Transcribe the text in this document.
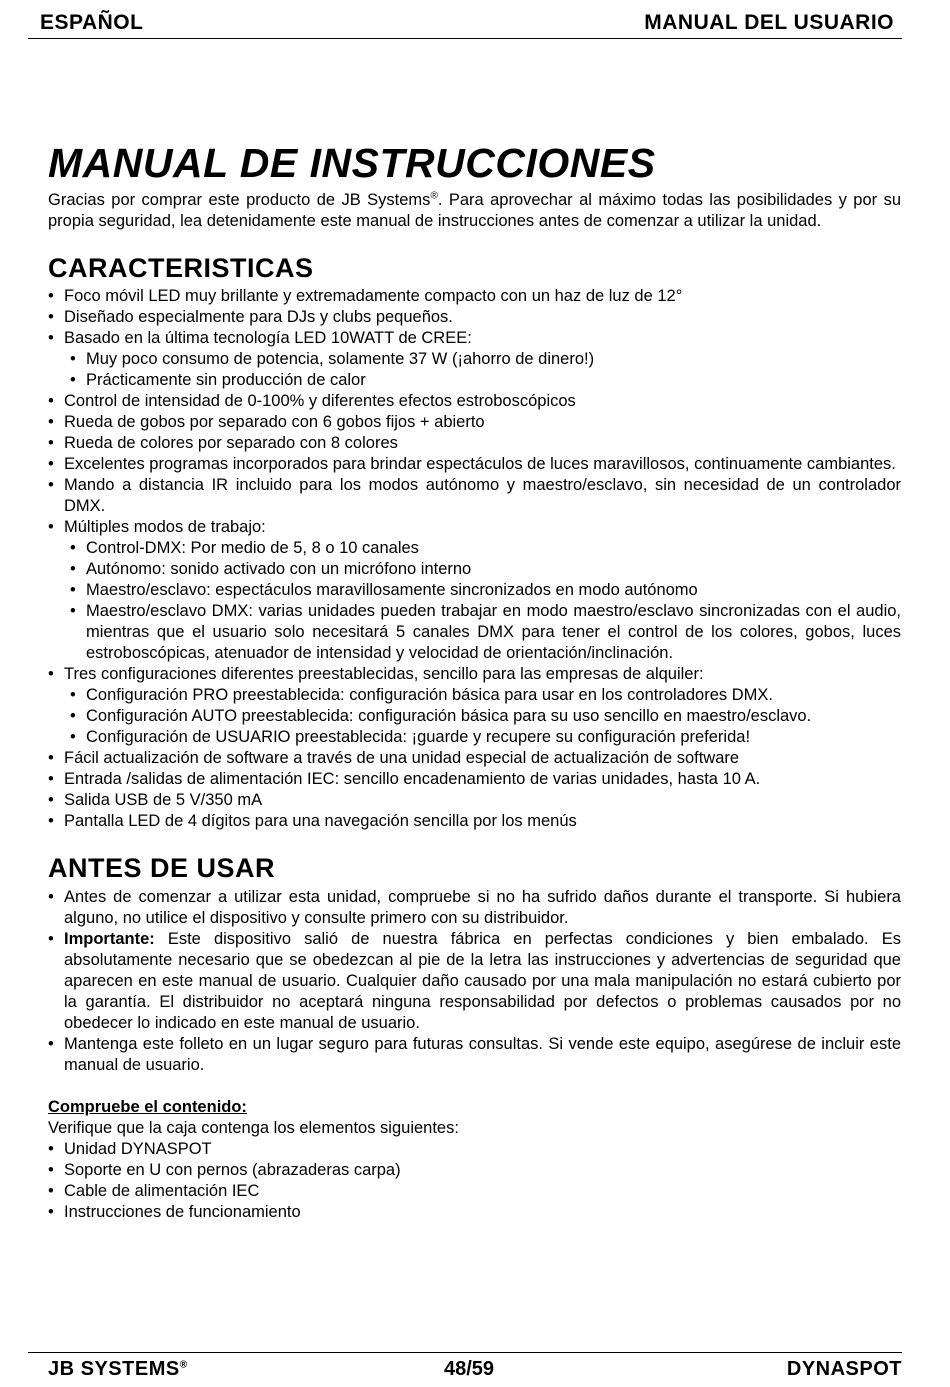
ESPAÑOL	MANUAL DEL USUARIO
MANUAL DE INSTRUCCIONES

Gracias por comprar este producto de JB Systems®. Para aprovechar al máximo todas las posibilidades y por su propia seguridad, lea detenidamente este manual de instrucciones antes de comenzar a utilizar la unidad.

CARACTERISTICAS
• Foco móvil LED muy brillante y extremadamente compacto con un haz de luz de 12°
• Diseñado especialmente para DJs y clubs pequeños.
• Basado en la última tecnología LED 10WATT de CREE:
• Muy poco consumo de potencia, solamente 37 W (¡ahorro de dinero!)
• Prácticamente sin producción de calor
• Control de intensidad de 0-100% y diferentes efectos estroboscópicos
• Rueda de gobos por separado con 6 gobos fijos + abierto
• Rueda de colores por separado con 8 colores
• Excelentes programas incorporados para brindar espectáculos de luces maravillosos, continuamente cambiantes.
• Mando a distancia IR incluido para los modos autónomo y maestro/esclavo, sin necesidad de un controlador DMX.
• Múltiples modos de trabajo:
• Control-DMX: Por medio de 5, 8 o 10 canales
• Autónomo: sonido activado con un micrófono interno
• Maestro/esclavo: espectáculos maravillosamente sincronizados en modo autónomo
• Maestro/esclavo DMX: varias unidades pueden trabajar en modo maestro/esclavo sincronizadas con el audio, mientras que el usuario solo necesitará 5 canales DMX para tener el control de los colores, gobos, luces estroboscópicas, atenuador de intensidad y velocidad de orientación/inclinación.
• Tres configuraciones diferentes preestablecidas, sencillo para las empresas de alquiler:
• Configuración PRO preestablecida: configuración básica para usar en los controladores DMX.
• Configuración AUTO preestablecida: configuración básica para su uso sencillo en maestro/esclavo.
• Configuración de USUARIO preestablecida: ¡guarde y recupere su configuración preferida!
• Fácil actualización de software a través de una unidad especial de actualización de software
• Entrada /salidas de alimentación IEC: sencillo encadenamiento de varias unidades, hasta 10 A.
• Salida USB de 5 V/350 mA
• Pantalla LED de 4 dígitos para una navegación sencilla por los menús
ANTES DE USAR
• Antes de comenzar a utilizar esta unidad, compruebe si no ha sufrido daños durante el transporte. Si hubiera alguno, no utilice el dispositivo y consulte primero con su distribuidor.
• Importante: Este dispositivo salió de nuestra fábrica en perfectas condiciones y bien embalado. Es absolutamente necesario que se obedezcan al pie de la letra las instrucciones y advertencias de seguridad que aparecen en este manual de usuario. Cualquier daño causado por una mala manipulación no estará cubierto por la garantía. El distribuidor no aceptará ninguna responsabilidad por defectos o problemas causados por no obedecer lo indicado en este manual de usuario.
• Mantenga este folleto en un lugar seguro para futuras consultas. Si vende este equipo, asegúrese de incluir este manual de usuario.

Compruebe el contenido:

Verifique que la caja contenga los elementos siguientes:

• Unidad DYNASPOT
• Soporte en U con pernos (abrazaderas carpa)
• Cable de alimentación IEC
• Instrucciones de funcionamiento
JB SYSTEMS®	48/59	DYNASPOT
